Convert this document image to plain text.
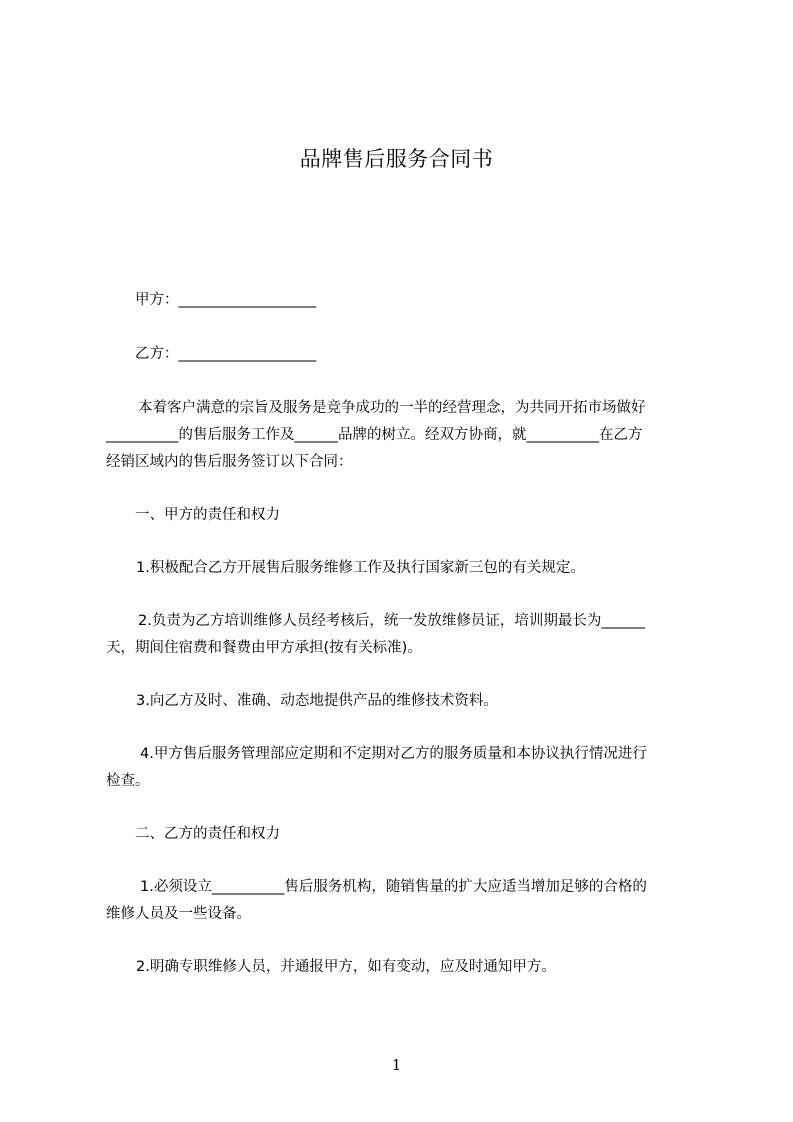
品牌售后服务合同书
甲方：___________________
乙方：___________________
本着客户满意的宗旨及服务是竞争成功的一半的经营理念，为共同开拓市场做好
__________的售后服务工作及______品牌的树立。经双方协商，就__________在乙方
经销区域内的售后服务签订以下合同：
一、甲方的责任和权力
1.积极配合乙方开展售后服务维修工作及执行国家新三包的有关规定。
2.负责为乙方培训维修人员经考核后，统一发放维修员证，培训期最长为______
天，期间住宿费和餐费由甲方承担(按有关标准)。
3.向乙方及时、准确、动态地提供产品的维修技术资料。
4.甲方售后服务管理部应定期和不定期对乙方的服务质量和本协议执行情况进行
检查。
二、乙方的责任和权力
1.必须设立__________售后服务机构，随销售量的扩大应适当增加足够的合格的
维修人员及一些设备。
2.明确专职维修人员，并通报甲方，如有变动，应及时通知甲方。
1
